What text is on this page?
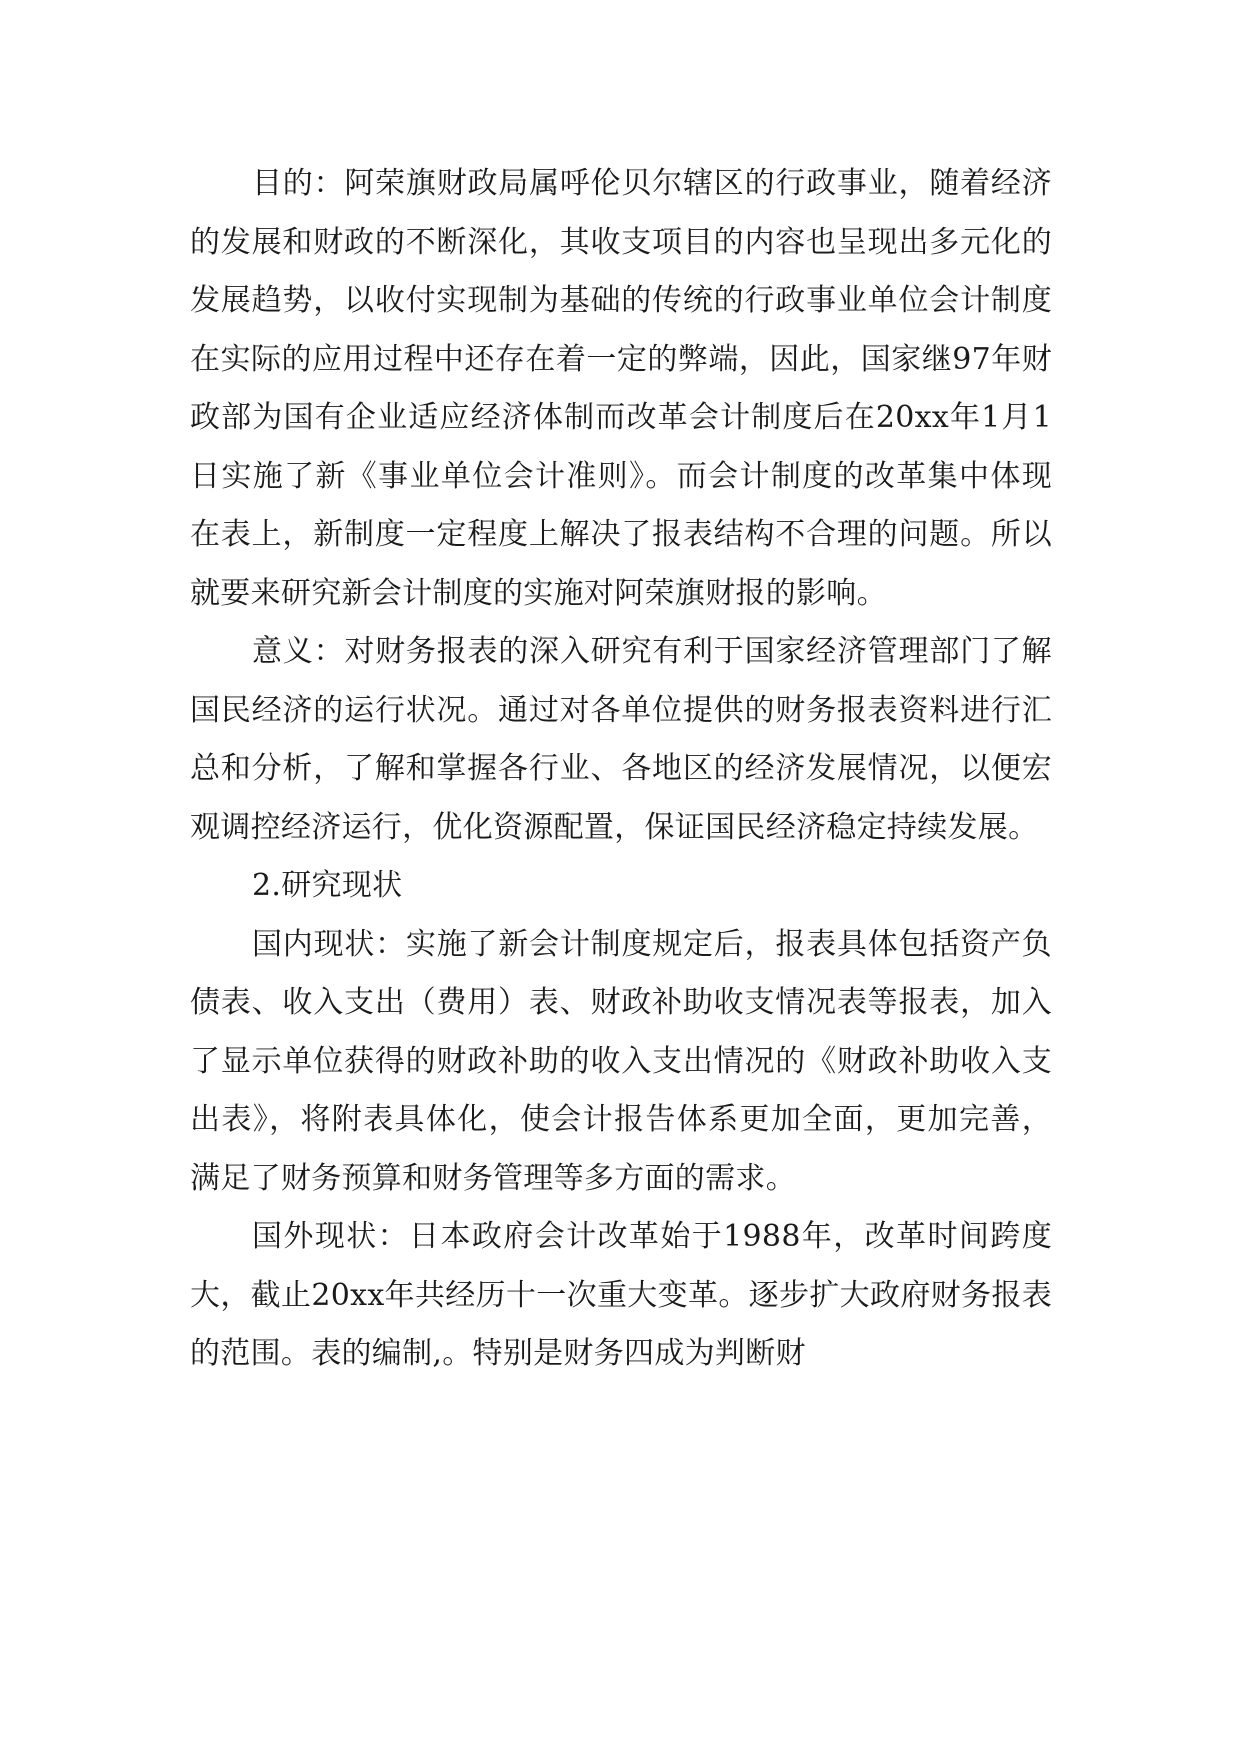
目的：阿荣旗财政局属呼伦贝尔辖区的行政事业，随着经济的发展和财政的不断深化，其收支项目的内容也呈现出多元化的发展趋势，以收付实现制为基础的传统的行政事业单位会计制度在实际的应用过程中还存在着一定的弊端，因此，国家继97年财政部为国有企业适应经济体制而改革会计制度后在20xx年1月1日实施了新《事业单位会计准则》。而会计制度的改革集中体现在表上，新制度一定程度上解决了报表结构不合理的问题。所以就要来研究新会计制度的实施对阿荣旗财报的影响。

意义：对财务报表的深入研究有利于国家经济管理部门了解国民经济的运行状况。通过对各单位提供的财务报表资料进行汇总和分析，了解和掌握各行业、各地区的经济发展情况，以便宏观调控经济运行，优化资源配置，保证国民经济稳定持续发展。

2.研究现状

国内现状：实施了新会计制度规定后，报表具体包括资产负债表、收入支出（费用）表、财政补助收支情况表等报表，加入了显示单位获得的财政补助的收入支出情况的《财政补助收入支出表》，将附表具体化，使会计报告体系更加全面，更加完善，满足了财务预算和财务管理等多方面的需求。

国外现状：日本政府会计改革始于1988年，改革时间跨度大，截止20xx年共经历十一次重大变革。逐步扩大政府财务报表的范围。表的编制,。特别是财务四成为判断财
